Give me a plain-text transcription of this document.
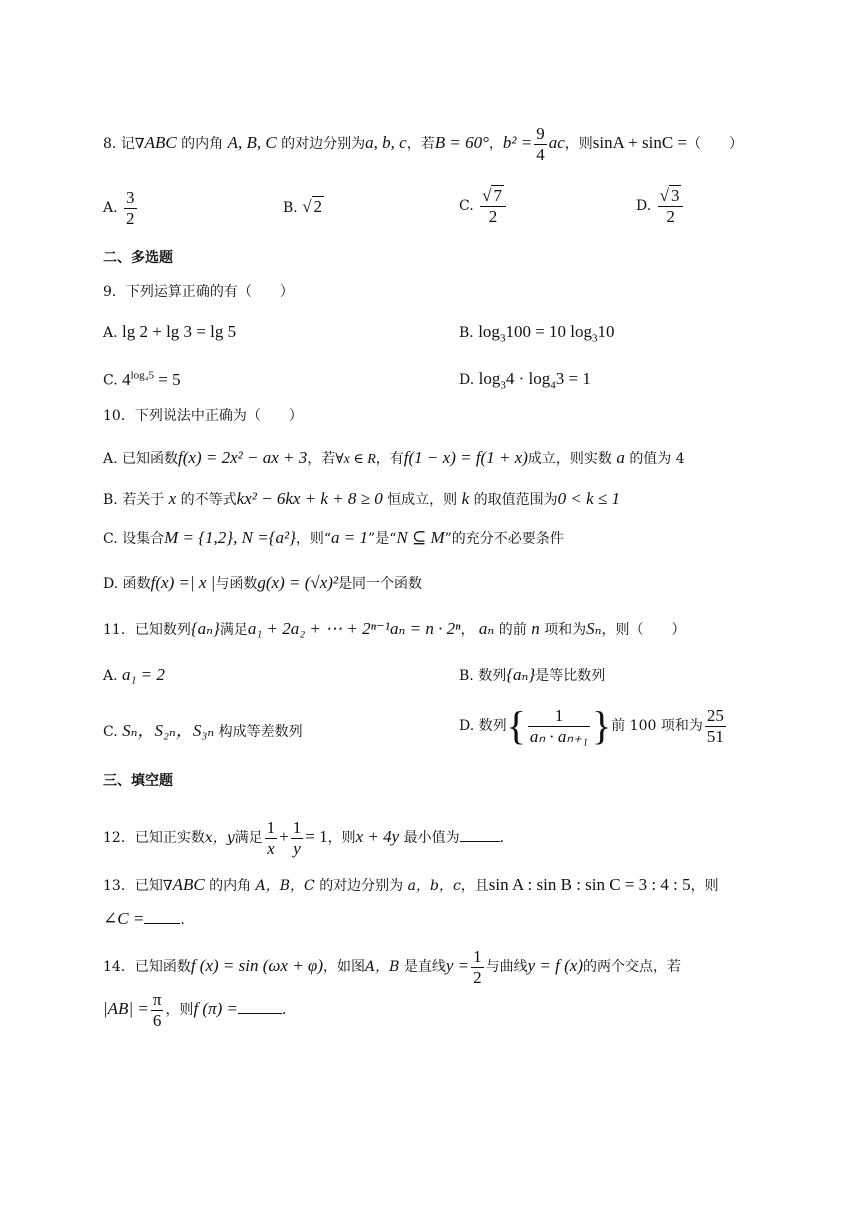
8. 记∇ABC 的内角 A, B, C 的对边分别为a, b, c，若B = 60°，$b^2 = \frac{9}{4}$ ac，则sinA + sinC =（　　）
A. $\frac{3}{2}$	B. √ 2	C. $\frac{√ 7}{2}$	D. $\frac{√ 3}{2}$
二、多选题
9．下列运算正确的有（　　）
A. lg 2 + lg 3 = lg 5	B. $\log_3100 = 10$ $\log_310$
C. $4^{log_45} = 5$	D. $\log_34 \cdot \log_43 = 1$
10．下列说法中正确为（　　）
A. 已知函数f(x) = 2x² − ax + 3，若∀x ∈ R，有f(1 − x) = f(1 + x)成立，则实数 a 的值为 4
B. 若关于 x 的不等式kx² − 6kx + k + 8 ≥ 0 恒成立，则 k 的取值范围为0 < k ≤ 1
C. 设集合M = {1,2}, N ={a²}，则“a = 1”是“N ⊆ M”的充分不必要条件
D. 函数f(x) =| x |与函数g(x) = (√x)²是同一个函数
11．已知数列{aₙ}满足a₁ + 2a₂ + ⋯ + 2ⁿ⁻¹aₙ = n · 2ⁿ， aₙ 的前 n 项和为Sₙ，则（　　）
A. a₁ = 2	B. 数列{aₙ}是等比数列
C. Sₙ，S₂ₙ，S₃ₙ 构成等差数列	D. 数列{ $\frac{1}{\text{aₙ · aₙ₊₁}}$ }前 100 项和为 $\frac{25}{51}$
三、填空题
12．已知正实数x，y满足 $\frac{1}{x} + \frac{1}{y} = 1$，则x + 4y 最小值为	.
13．已知∇ABC 的内角 A，B，C 的对边分别为 a，b，c，且sin A : sin B : sin C = 3 : 4 : 5，则
∠C =	.
14．已知函数f (x) = sin (ωx + φ)，如图A，B 是直线$y = \frac{1}{2}$ 与曲线y = f (x)的两个交点，若
$|AB| = \frac{\pi}{6}$ ，则f (π) =	.
